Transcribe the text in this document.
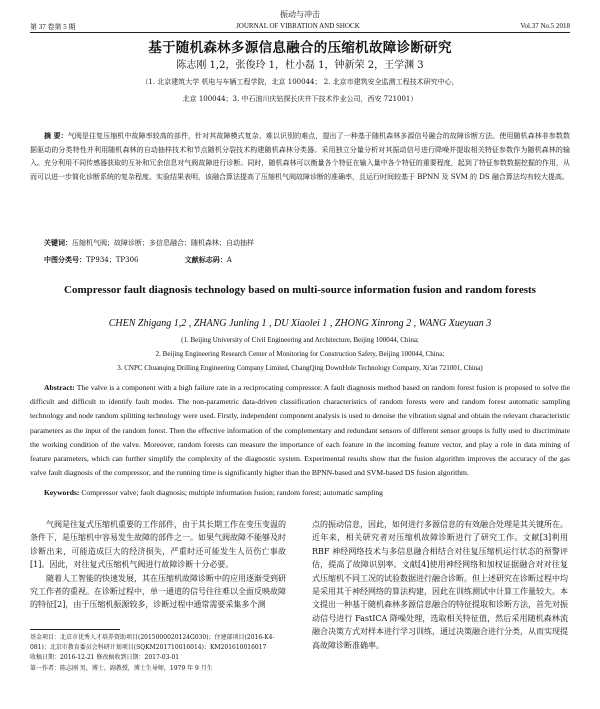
振动与冲击
第 37 卷第 5 期	JOURNAL OF VIBRATION AND SHOCK	Vol.37 No.5 2018
基于随机森林多源信息融合的压缩机故障诊断研究
陈志刚 1,2，张俊玲 1，杜小磊 1，钟新荣 2，王学渊 3
（1. 北京建筑大学 机电与车辆工程学院，北京 100044； 2. 北京市建筑安全监测工程技术研究中心，
北京 100044；3. 中石油川庆钻探长庆井下技术作业公司，西安 721001）
摘 要：气阀是往复压缩机中故障率较高的部件，针对其故障模式复杂、难以识别的难点，提出了一种基于随机森林多源信号融合的故障诊断方法。使用随机森林非参数数据驱动的分类特性并利用随机森林的自动抽样技术和节点随机分裂技术构建随机森林分类器。采用独立分量分析对其振动信号进行降噪并提取相关特征参数作为随机森林的输入。充分利用不同传感器获取的互补和冗余信息对气阀故障进行诊断。同时，随机森林可以衡量各个特征在输入量中各个特征的重要程度，起到了特征参数数据挖掘的作用，从而可以进一步简化诊断系统的复杂程度。实验结果表明，该融合算法提高了压缩机气阀故障诊断的准确率，且运行时间较基于 BPNN 及 SVM 的 DS 融合算法均有较大提高。
关键词：压缩机气阀；故障诊断；多信息融合；随机森林；自动抽样
中图分类号：TP934；TP306	文献标志码：A
Compressor fault diagnosis technology based on multi-source information fusion and random forests
CHEN Zhigang 1,2 , ZHANG Junling 1 , DU Xiaolei 1 , ZHONG Xinrong 2 , WANG Xueyuan 3
(1. Beijing University of Civil Engineering and Architecture, Beijing 100044, China;
2. Beijing Engineering Research Center of Monitoring for Construction Safety, Beijing 100044, China;
3. CNPC Chuanqing Drilling Engineering Company Limited, ChangQing DownHole Technology Company, Xi'an 721001, China)
Abstract: The valve is a component with a high failure rate in a reciprocating compressor. A fault diagnosis method based on random forest fusion is proposed to solve the difficult and difficult to identify fault modes. The non-parametric data-driven classification characteristics of random forests were and random forest automatic sampling technology and node random splitting technology were used. Firstly, independent component analysis is used to denoise the vibration signal and obtain the relevant characteristic parameters as the input of the random forest. Then the effective information of the complementary and redundant sensors of different sensor groups is fully used to discriminate the working condition of the valve. Moreover, random forests can measure the importance of each feature in the incoming feature vector, and play a role in data mining of feature parameters, which can further simplify the complexity of the diagnostic system. Experimental results show that the fusion algorithm improves the accuracy of the gas valve fault diagnosis of the compressor, and the running time is significantly higher than the BPNN-based and SVM-based DS fusion algorithm.
Keywords: Compressor valve; fault diagnosis; multiple information fusion; random forest; automatic sampling

气阀是往复式压缩机重要的工作部件，由于其长期工作在变压变温的条件下，是压缩机中容易发生故障的部件之一。如果气阀故障不能够及时诊断出来，可能造成巨大的经济损失，严重时还可能发生人员伤亡事故[1]。因此，对往复式压缩机气阀进行故障诊断十分必要。

随着人工智能的快速发展，其在压缩机故障诊断中的应用逐渐受到研究工作者的重视。在诊断过程中，单一通道的信号往往难以全面反映故障的特征[2]，由于压缩机振源较多，诊断过程中通常需要采集多个测

点的振动信息，因此，如何进行多源信息的有效融合处理是其关键所在。近年来，相关研究者对压缩机故障诊断进行了研究工作。文献[3]利用 RBF 神经网络技术与多信息融合相结合对往复压缩机运行状态的预警评估，提高了故障识别率。文献[4]使用神经网络和加权证据融合对对往复式压缩机不同工况的试验数据进行融合诊断。但上述研究在诊断过程中均是采用其于神经网络的算法构建，因此在训练测试中计算工作量较大。本文提出一种基于随机森林多源信息融合的特征提取和诊断方法，首先对振动信号进行 FastICA 降噪处理，选取相关特征值，然后采用随机森林流融合决策方式对样本进行学习训练，通过决策融合进行分类，从而实现提高故障诊断准确率。

基金项目：北京市优秀人才培养资助项目(2015000020124G030)；住建部项目(2016-K4-081)；北京市教育委员会科研计划项目(SQKM201710016014)；KM201610016017
收稿日期：2016-12-21 修改稿收到日期：2017-03-01
第一作者：陈志刚 男，博士，副教授，博士生导师，1979 年 9 月生
